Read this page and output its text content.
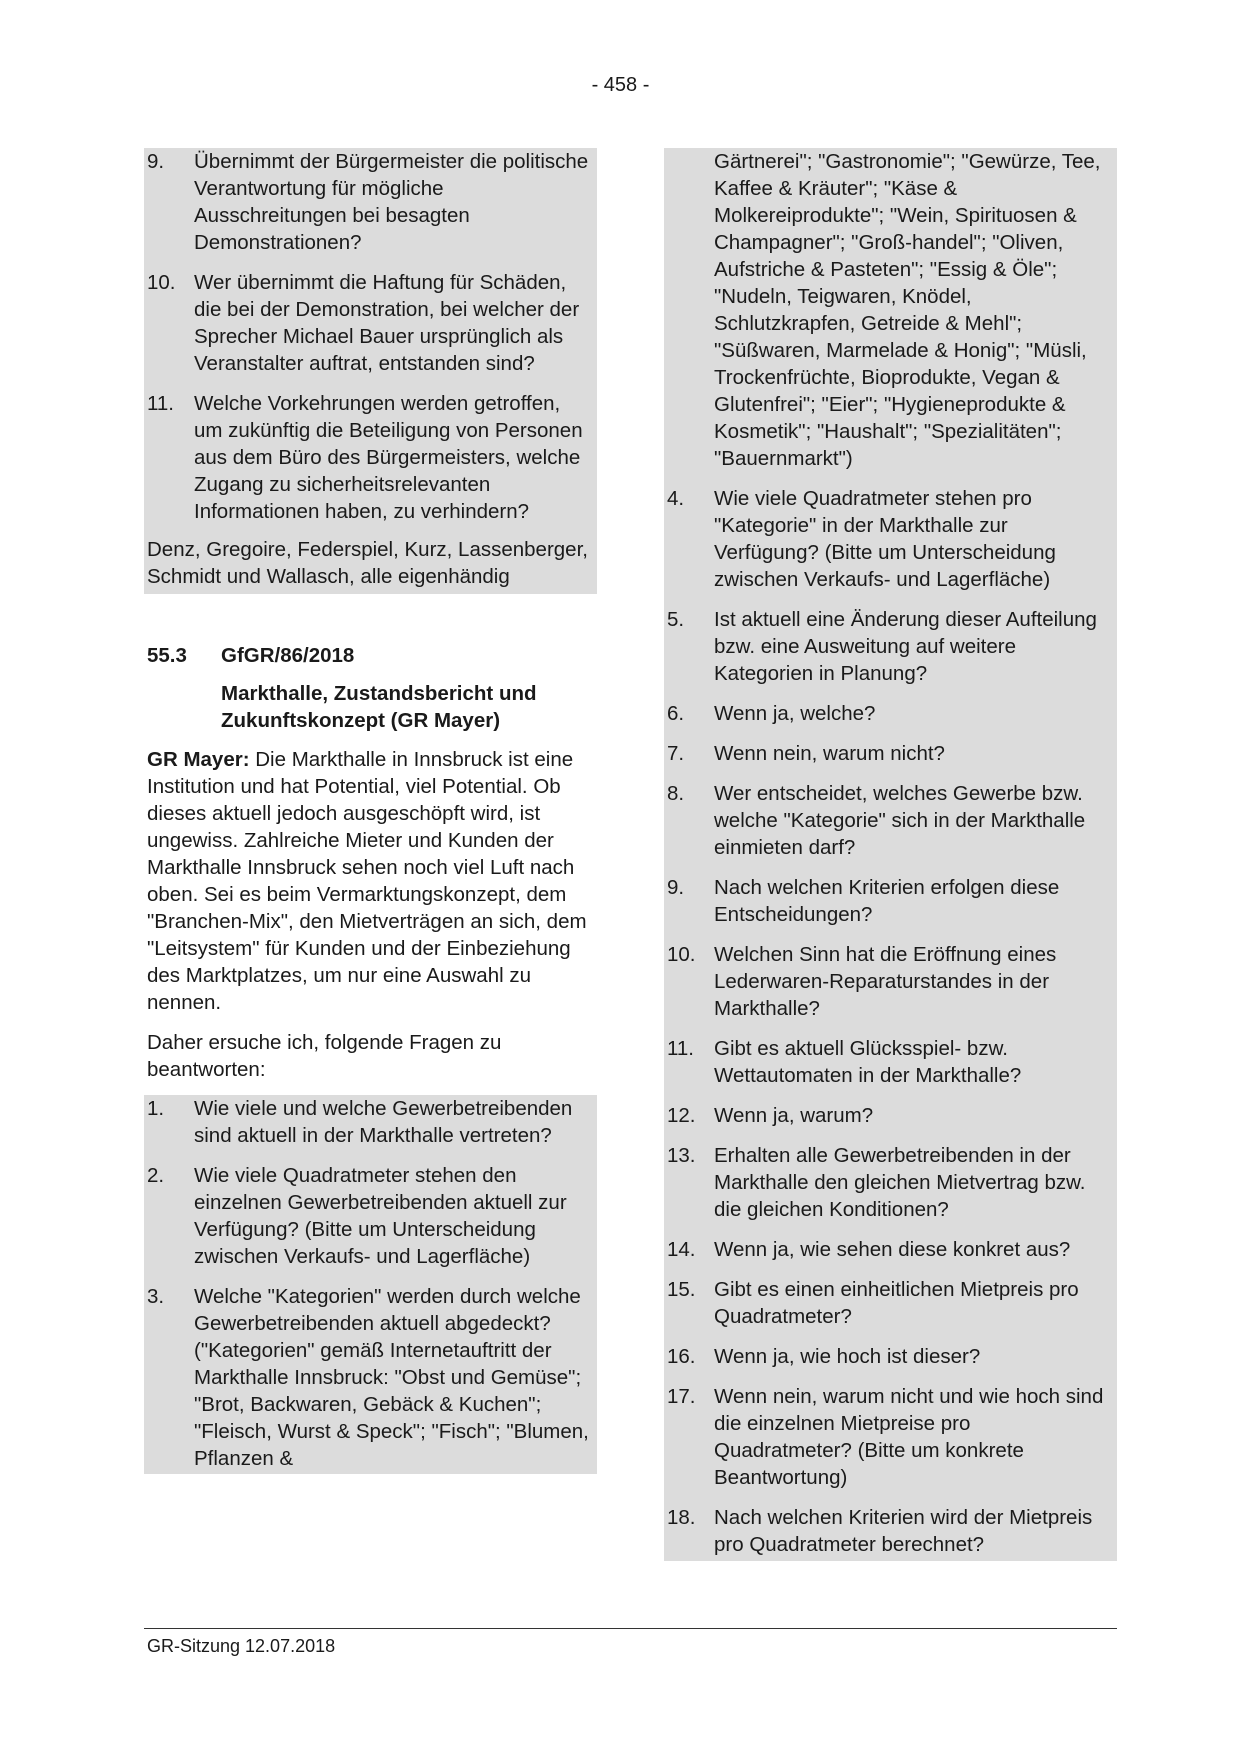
- 458 -
9.	Übernimmt der Bürgermeister die politische Verantwortung für mögliche Ausschreitungen bei besagten Demonstrationen?
10. Wer übernimmt die Haftung für Schäden, die bei der Demonstration, bei welcher der Sprecher Michael Bauer ursprünglich als Veranstalter auftrat, entstanden sind?
11. Welche Vorkehrungen werden getroffen, um zukünftig die Beteiligung von Personen aus dem Büro des Bürgermeisters, welche Zugang zu sicherheitsrelevanten Informationen haben, zu verhindern?
Denz, Gregoire, Federspiel, Kurz, Lassenberger, Schmidt und Wallasch, alle eigenhändig
55.3	GfGR/86/2018
Markthalle, Zustandsbericht und Zukunftskonzept (GR Mayer)
GR Mayer: Die Markthalle in Innsbruck ist eine Institution und hat Potential, viel Potential. Ob dieses aktuell jedoch ausgeschöpft wird, ist ungewiss. Zahlreiche Mieter und Kunden der Markthalle Innsbruck sehen noch viel Luft nach oben. Sei es beim Vermarktungskonzept, dem "Branchen-Mix", den Mietverträgen an sich, dem "Leitsystem" für Kunden und der Einbeziehung des Marktplatzes, um nur eine Auswahl zu nennen.
Daher ersuche ich, folgende Fragen zu beantworten:
1.	Wie viele und welche Gewerbetreibenden sind aktuell in der Markthalle vertreten?
2.	Wie viele Quadratmeter stehen den einzelnen Gewerbetreibenden aktuell zur Verfügung? (Bitte um Unterscheidung zwischen Verkaufs- und Lagerfläche)
3.	Welche "Kategorien" werden durch welche Gewerbetreibenden aktuell abgedeckt? ("Kategorien" gemäß Internetauftritt der Markthalle Innsbruck: "Obst und Gemüse"; "Brot, Backwaren, Gebäck & Kuchen"; "Fleisch, Wurst & Speck"; "Fisch"; "Blumen, Pflanzen &
Gärtnerei"; "Gastronomie"; "Gewürze, Tee, Kaffee & Kräuter"; "Käse & Molkereiprodukte"; "Wein, Spirituosen & Champagner"; "Groß-handel"; "Oliven, Aufstriche & Pasteten"; "Essig & Öle"; "Nudeln, Teigwaren, Knödel, Schlutzkrapfen, Getreide & Mehl"; "Süßwaren, Marmelade & Honig"; "Müsli, Trockenfrüchte, Bioprodukte, Vegan & Glutenfrei"; "Eier"; "Hygieneprodukte & Kosmetik"; "Haushalt"; "Spezialitäten"; "Bauernmarkt")
4.	Wie viele Quadratmeter stehen pro "Kategorie" in der Markthalle zur Verfügung? (Bitte um Unterscheidung zwischen Verkaufs- und Lagerfläche)
5.	Ist aktuell eine Änderung dieser Aufteilung bzw. eine Ausweitung auf weitere Kategorien in Planung?
6.	Wenn ja, welche?
7.	Wenn nein, warum nicht?
8.	Wer entscheidet, welches Gewerbe bzw. welche "Kategorie" sich in der Markthalle einmieten darf?
9.	Nach welchen Kriterien erfolgen diese Entscheidungen?
10. Welchen Sinn hat die Eröffnung eines Lederwaren-Reparaturstandes in der Markthalle?
11. Gibt es aktuell Glücksspiel- bzw. Wettautomaten in der Markthalle?
12. Wenn ja, warum?
13. Erhalten alle Gewerbetreibenden in der Markthalle den gleichen Mietvertrag bzw. die gleichen Konditionen?
14. Wenn ja, wie sehen diese konkret aus?
15. Gibt es einen einheitlichen Mietpreis pro Quadratmeter?
16. Wenn ja, wie hoch ist dieser?
17. Wenn nein, warum nicht und wie hoch sind die einzelnen Mietpreise pro Quadratmeter? (Bitte um konkrete Beantwortung)
18. Nach welchen Kriterien wird der Mietpreis pro Quadratmeter berechnet?
GR-Sitzung 12.07.2018
